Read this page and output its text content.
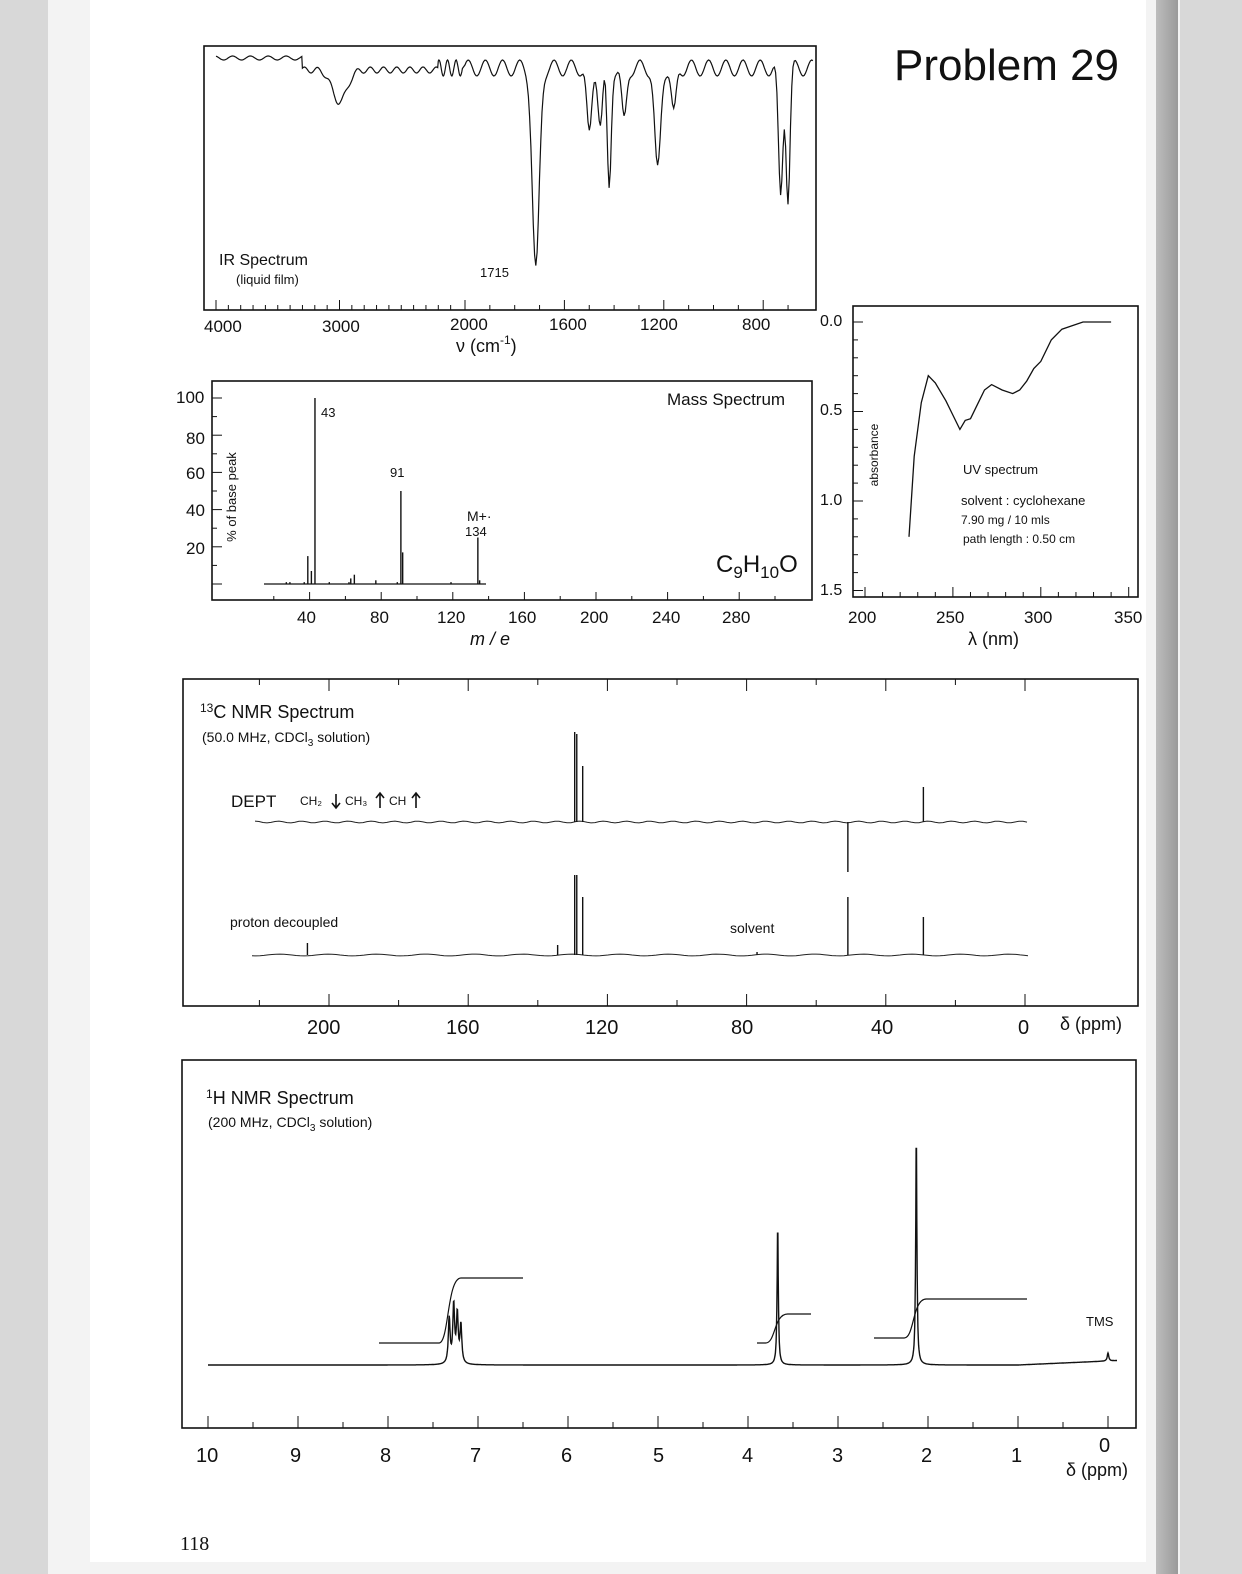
Problem 29
IR Spectrum
(liquid film)	1715
4000	3000	2000	1600	1200	800
ν $(cm^{-1})$
Mass Spectrum
$C_9H_{10}O$
43
91
M+·
134
% of base peak
100
80
60
40
20
40	80	120	160	200	240 280
m / e
0.0
0.5
1.0
1.5
absorbance	UV spectrum
solvent : cyclohexane
7.90 mg / 10 mls
path length : 0.50 cm
200	250	300	350
λ (nm)
$^{13}$C NMR Spectrum
(50.0 MHz, CDCl$_3$ solution)
DEPT CH₂ CH₃ CH
proton decoupled	solvent
200	160	120	80	40	0 δ (ppm)
$^1$H NMR Spectrum
(200 MHz, CDCl$_3$ solution)
TMS
10	9	8	7	6	5	4	3	2	1	0
δ (ppm)
118
